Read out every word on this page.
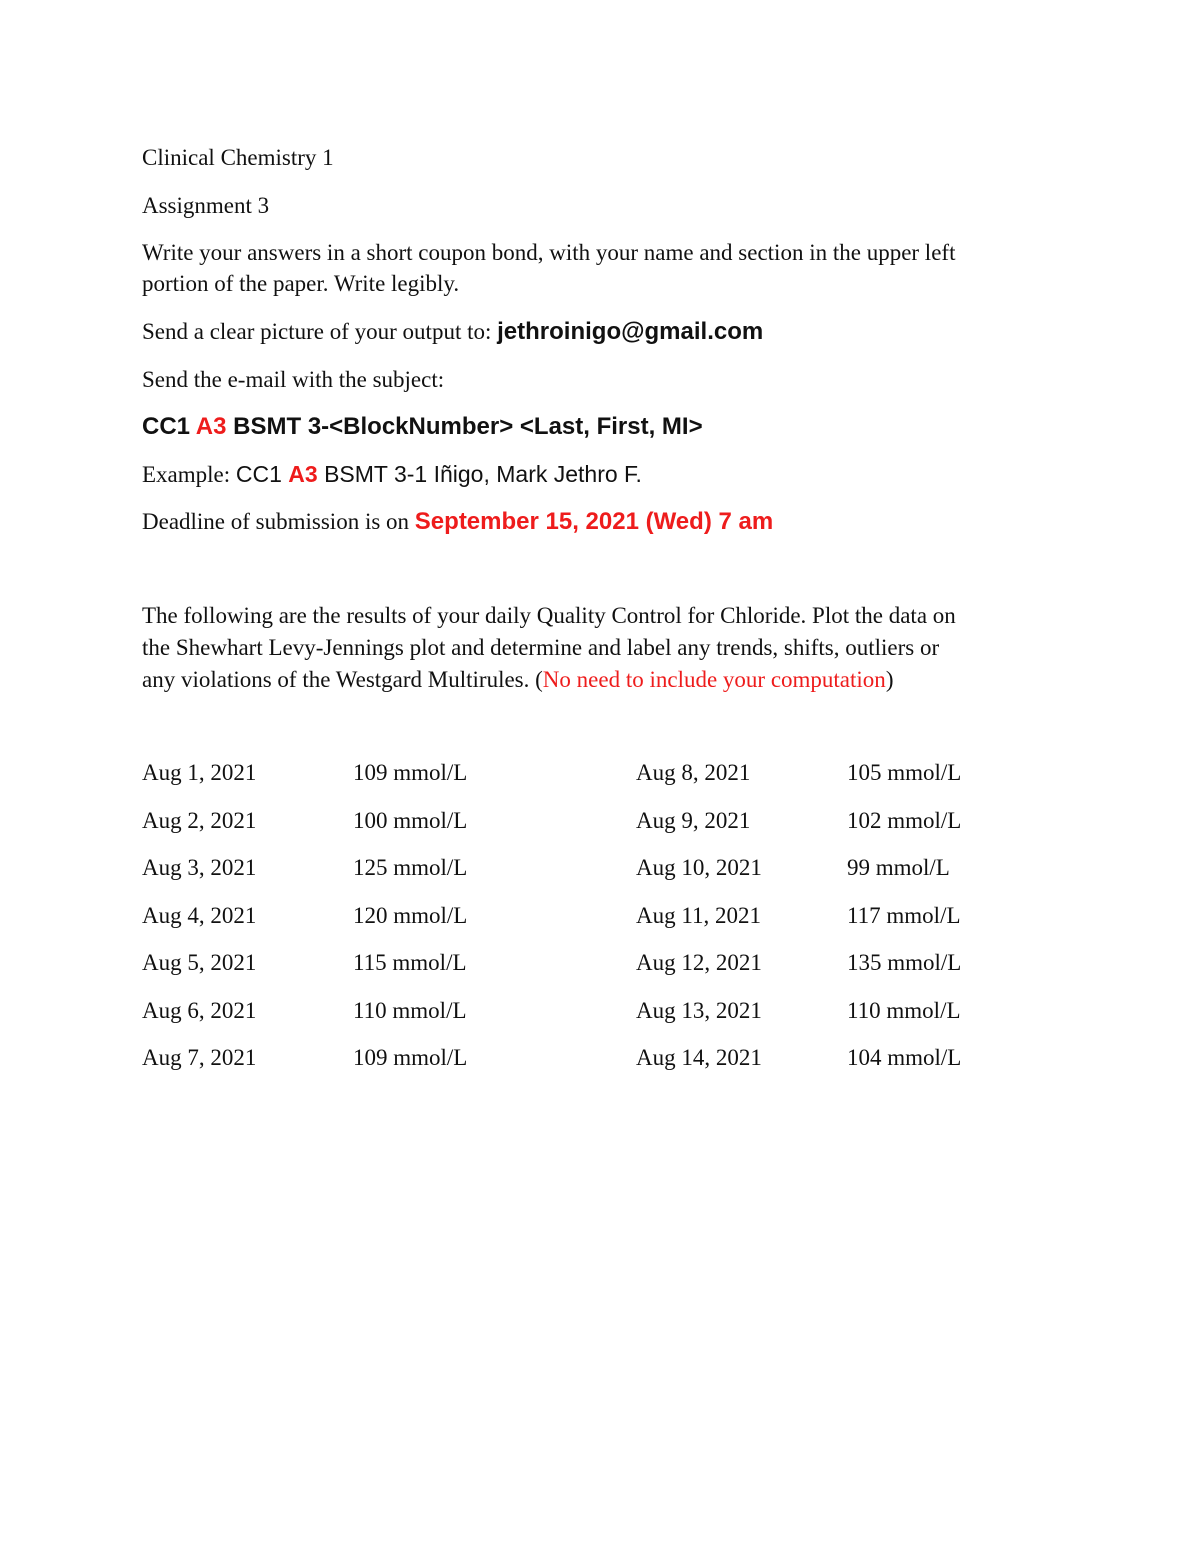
Clinical Chemistry 1
Assignment 3
Write your answers in a short coupon bond, with your name and section in the upper left
portion of the paper. Write legibly.
Send a clear picture of your output to: jethroinigo@gmail.com
Send the e-mail with the subject:
CC1 A3 BSMT 3-<BlockNumber> <Last, First, MI>
Example: CC1 A3 BSMT 3-1 Iñigo, Mark Jethro F.
Deadline of submission is on September 15, 2021 (Wed) 7 am
The following are the results of your daily Quality Control for Chloride. Plot the data on
the Shewhart Levy-Jennings plot and determine and label any trends, shifts, outliers or
any violations of the Westgard Multirules. (No need to include your computation)
Aug 1, 2021	109 mmol/L	Aug 8, 2021	105 mmol/L
Aug 2, 2021	100 mmol/L	Aug 9, 2021	102 mmol/L
Aug 3, 2021	125 mmol/L	Aug 10, 2021	99 mmol/L
Aug 4, 2021	120 mmol/L	Aug 11, 2021	117 mmol/L
Aug 5, 2021	115 mmol/L	Aug 12, 2021	135 mmol/L
Aug 6, 2021	110 mmol/L	Aug 13, 2021	110 mmol/L
Aug 7, 2021	109 mmol/L	Aug 14, 2021	104 mmol/L
